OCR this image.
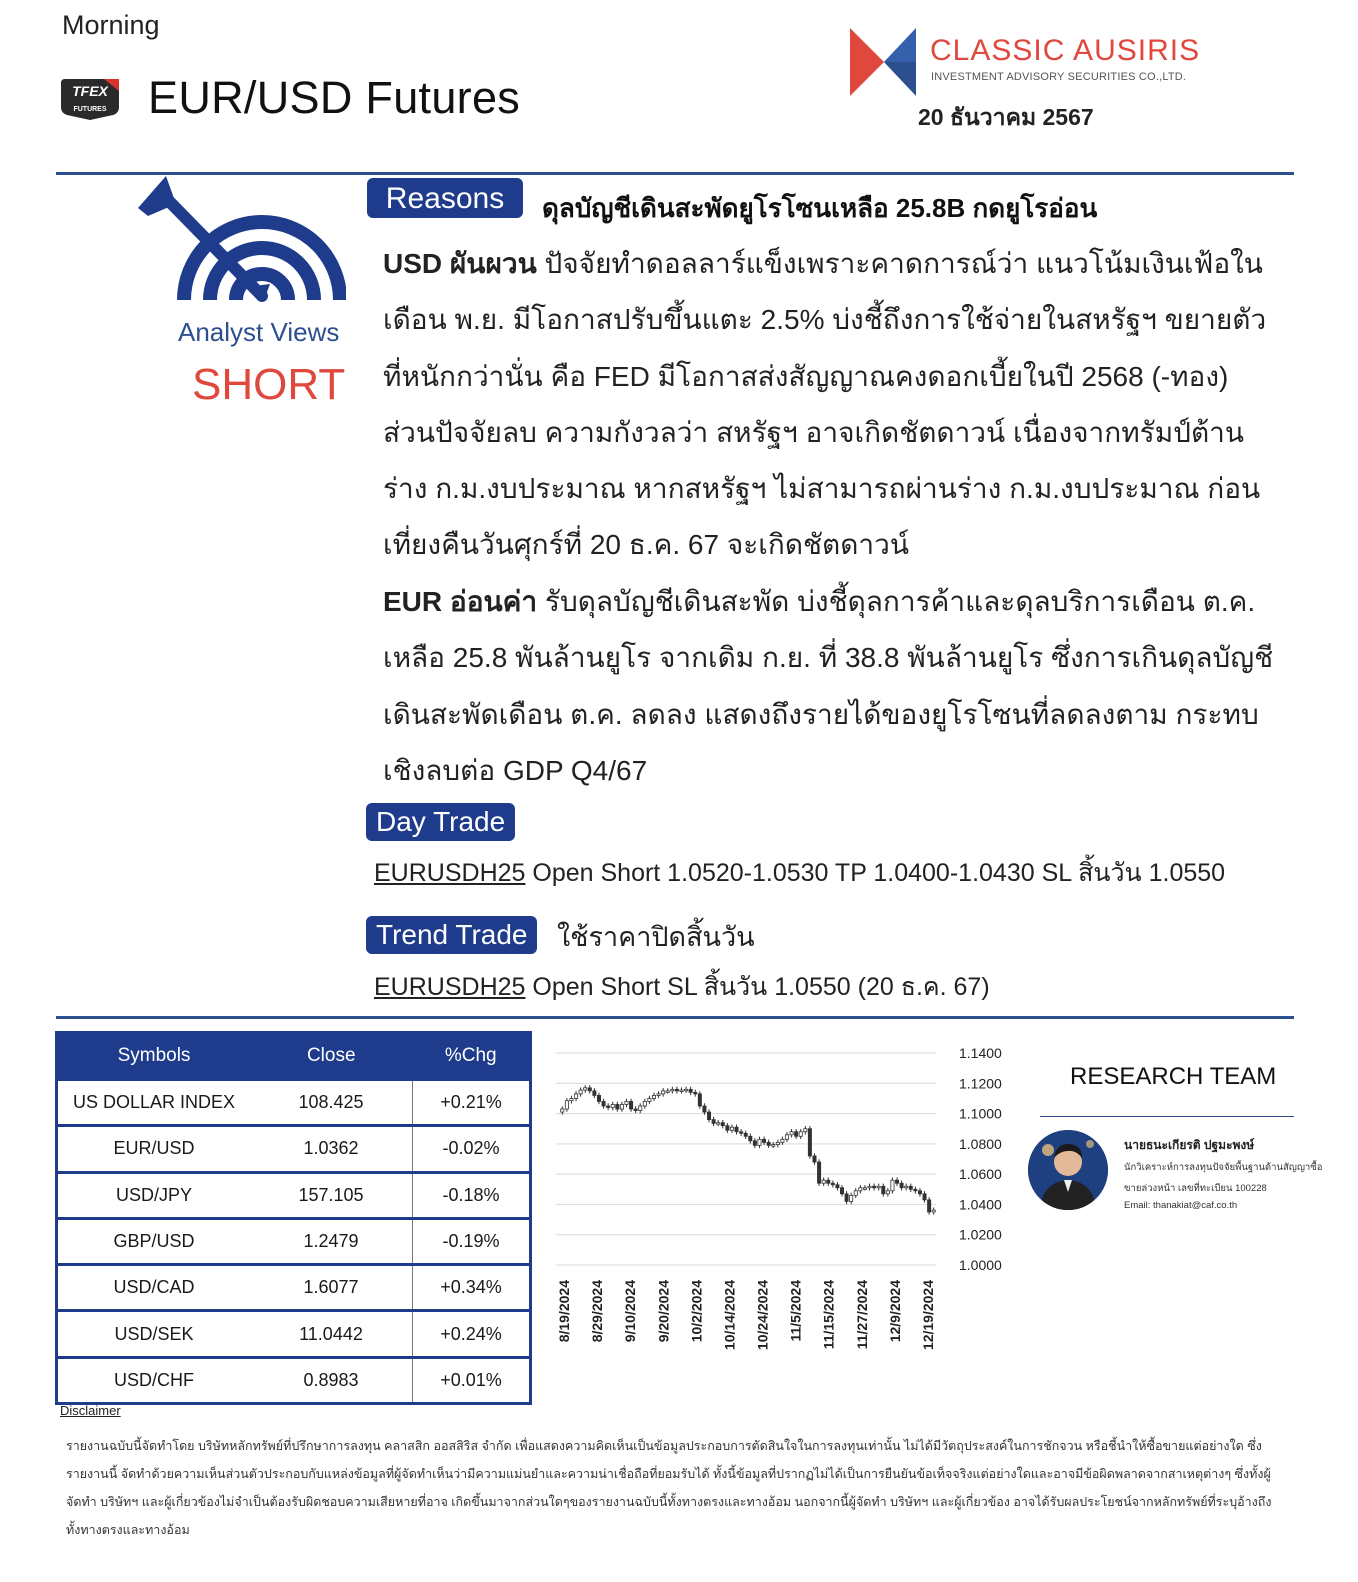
Morning
TFEX
FUTURES EUR/USD Futures
CLASSIC AUSIRIS
INVESTMENT ADVISORY SECURITIES CO.,LTD.
20 ธันวาคม 2567
Analyst Views
SHORT
Reasons	ดุลบัญชีเดินสะพัดยูโรโซนเหลือ 25.8B กดยูโรอ่อน
USD ผันผวน ปัจจัยทำดอลลาร์แข็งเพราะคาดการณ์ว่า แนวโน้มเงินเฟ้อในเดือน พ.ย. มีโอกาสปรับขึ้นแตะ 2.5% บ่งชี้ถึงการใช้จ่ายในสหรัฐฯ ขยายตัว ที่หนักกว่านั่น คือ FED มีโอกาสส่งสัญญาณคงดอกเบี้ยในปี 2568 (-ทอง) ส่วนปัจจัยลบ ความกังวลว่า สหรัฐฯ อาจเกิดชัตดาวน์ เนื่องจากทรัมป์ต้านร่าง ก.ม.งบประมาณ หากสหรัฐฯ ไม่สามารถผ่านร่าง ก.ม.งบประมาณ ก่อนเที่ยงคืนวันศุกร์ที่ 20 ธ.ค. 67 จะเกิดชัตดาวน์
EUR อ่อนค่า รับดุลบัญชีเดินสะพัด บ่งชี้ดุลการค้าและดุลบริการเดือน ต.ค. เหลือ 25.8 พันล้านยูโร จากเดิม ก.ย. ที่ 38.8 พันล้านยูโร ซึ่งการเกินดุลบัญชีเดินสะพัดเดือน ต.ค. ลดลง แสดงถึงรายได้ของยูโรโซนที่ลดลงตาม กระทบเชิงลบต่อ GDP Q4/67
Day Trade
EURUSDH25 Open Short 1.0520-1.0530 TP 1.0400-1.0430 SL สิ้นวัน 1.0550
Trend Trade	ใช้ราคาปิดสิ้นวัน
EURUSDH25 Open Short SL สิ้นวัน 1.0550 (20 ธ.ค. 67)
Symbols	Close	%Chg
US DOLLAR INDEX	108.425	+0.21%
EUR/USD	1.0362	-0.02%
USD/JPY	157.105	-0.18%
GBP/USD	1.2479	-0.19%
USD/CAD	1.6077	+0.34%
USD/SEK	11.0442	+0.24%
USD/CHF	0.8983	+0.01%
1.1400
1.1200
1.1000
1.0800
1.0600
1.0400
1.0200
1.0000
8/19/2024 8/29/2024 9/10/2024 9/20/2024 10/2/2024 10/14/2024 10/24/2024 11/5/2024 11/15/2024 11/27/2024 12/9/2024 12/19/2024
RESEARCH TEAM
นายธนะเกียรติ ปฐมะพงษ์
นักวิเคราะห์การลงทุนปัจจัยพื้นฐานด้านสัญญาซื้อ
ขายล่วงหน้า เลขที่ทะเบียน 100228
Email: thanakiat@caf.co.th
Disclaimer
รายงานฉบับนี้จัดทำโดย บริษัทหลักทรัพย์ที่ปรึกษาการลงทุน คลาสสิก ออสสิริส จำกัด เพื่อแสดงความคิดเห็นเป็นข้อมูลประกอบการตัดสินใจในการลงทุนเท่านั้น ไม่ได้มีวัตถุประสงค์ในการชักจวน หรือชี้นำให้ซื้อขายแต่อย่างใด ซึ่งรายงานนี้ จัดทำด้วยความเห็นส่วนตัวประกอบกับแหล่งข้อมูลที่ผู้จัดทำเห็นว่ามีความแม่นยำและความน่าเชื่อถือที่ยอมรับได้ ทั้งนี้ข้อมูลที่ปรากฏไม่ได้เป็นการยืนยันข้อเท็จจริงแต่อย่างใดและอาจมีข้อผิดพลาดจากสาเหตุต่างๆ ซึ่งทั้งผู้จัดทำ บริษัทฯ และผู้เกี่ยวข้องไม่จำเป็นต้องรับผิดชอบความเสียหายที่อาจ เกิดขึ้นมาจากส่วนใดๆของรายงานฉบับนี้ทั้งทางตรงและทางอ้อม นอกจากนี้ผู้จัดทำ บริษัทฯ และผู้เกี่ยวข้อง อาจได้รับผลประโยชน์จากหลักทรัพย์ที่ระบุอ้างถึงทั้งทางตรงและทางอ้อม
